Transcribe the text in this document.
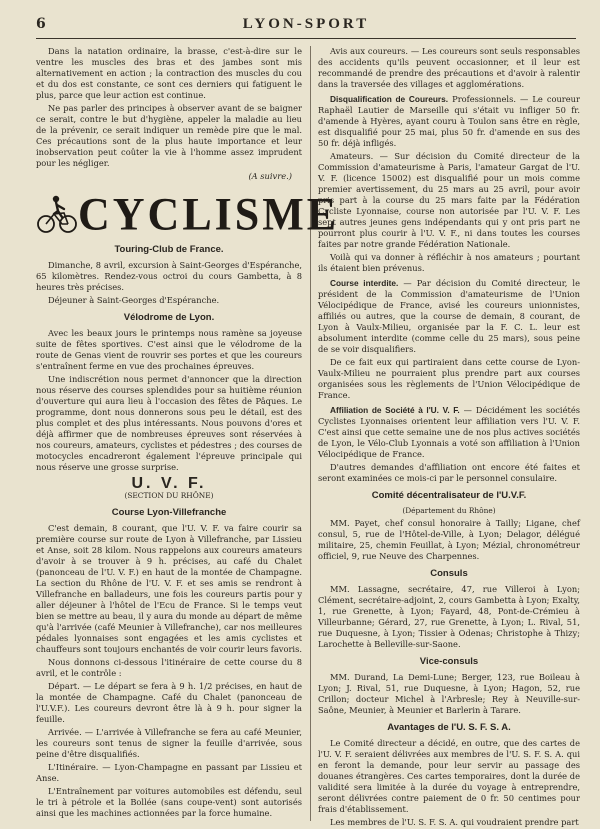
6	LYON-SPORT

Dans la natation ordinaire, la brasse, c'est-à-dire sur le ventre les muscles des bras et des jambes sont mis alternativement en action ; la contraction des muscles du cou et du dos est constante, ce sont ces derniers qui fatiguent le plus, parce que leur action est continue.

Ne pas parler des principes à observer avant de se baigner ce serait, contre le but d'hygiène, appeler la maladie au lieu de la prévenir, ce serait indiquer un remède pire que le mal. Ces précautions sont de la plus haute importance et leur inobservation peut coûter la vie à l'homme assez imprudent pour les négliger.

(A suivre.)

CYCLISME
Touring-Club de France.

Dimanche, 8 avril, excursion à Saint-Georges d'Espéranche, 65 kilomètres. Rendez-vous octroi du cours Gambetta, à 8 heures très précises.

Déjeuner à Saint-Georges d'Espéranche.

Vélodrome de Lyon.

Avec les beaux jours le printemps nous ramène sa joyeuse suite de fêtes sportives. C'est ainsi que le vélodrome de la route de Genas vient de rouvrir ses portes et que les coureurs s'entraînent ferme en vue des prochaines épreuves.

Une indiscrétion nous permet d'annoncer que la direction nous réserve des courses splendides pour sa huitième réunion d'ouverture qui aura lieu à l'occasion des fêtes de Pâques. Le programme, dont nous donnerons sous peu le détail, est des plus complet et des plus intéressants. Nous pouvons d'ores et déjà affirmer que de nombreuses épreuves sont réservées à nos coureurs, amateurs, cyclistes et pédestres ; des courses de motocycles encadreront également l'épreuve principale qui nous réserve une grosse surprise.

U. V. F.

(SECTION DU RHÔNE)

Course Lyon-Villefranche

C'est demain, 8 courant, que l'U. V. F. va faire courir sa première course sur route de Lyon à Villefranche, par Lissieu et Anse, soit 28 kilom. Nous rappelons aux coureurs amateurs d'avoir à se trouver à 9 h. précises, au café du Chalet (panonceau de l'U. V. F.) en haut de la montée de Champagne. La section du Rhône de l'U. V. F. et ses amis se rendront à Villefranche en balladeurs, une fois les coureurs partis pour y aller déjeuner à l'hôtel de l'Ecu de France. Si le temps veut bien se mettre au beau, il y aura du monde au départ de même qu'à l'arrivée (café Meunier à Villefranche), car nos meilleures pédales lyonnaises sont engagées et les amis cyclistes et chauffeurs sont toujours enchantés de voir courir leurs favoris.

Nous donnons ci-dessous l'itinéraire de cette course du 8 avril, et le contrôle :

Départ. — Le départ se fera à 9 h. 1/2 précises, en haut de la montée de Champagne. Café du Chalet (panonceau de l'U.V.F.). Les coureurs devront être là à 9 h. pour signer la feuille.

Arrivée. — L'arrivée à Villefranche se fera au café Meunier, les coureurs sont tenus de signer la feuille d'arrivée, sous peine d'être disqualifiés.

L'Itinéraire. — Lyon-Champagne en passant par Lissieu et Anse.

L'Entraînement par voitures automobiles est défendu, seul le tri à pétrole et la Bollée (sans coupe-vent) sont autorisés ainsi que les machines actionnées par la force humaine.

Avis aux coureurs. — Les coureurs sont seuls responsables des accidents qu'ils peuvent occasionner, et il leur est recommandé de prendre des précautions et d'avoir à ralentir dans la traversée des villages et agglomérations.

Disqualification de Coureurs. Professionnels. — Le coureur Raphaël Lautier de Marseille qui s'était vu infliger 50 fr. d'amende à Hyères, ayant couru à Toulon sans être en règle, est disqualifié pour 25 mai, plus 50 fr. d'amende en sus des 50 fr. déjà infligés.

Amateurs. — Sur décision du Comité directeur de la Commission d'amateurisme à Paris, l'amateur Gargat de l'U. V. F. (licence 15002) est disqualifié pour un mois comme premier avertissement, du 25 mars au 25 avril, pour avoir pris part à la course du 25 mars faite par la Fédération Cycliste Lyonnaise, course non autorisée par l'U. V. F. Les sept autres jeunes gens indépendants qui y ont pris part ne pourront plus courir à l'U. V. F., ni dans toutes les courses faites par notre grande Fédération Nationale.

Voilà qui va donner à réfléchir à nos amateurs ; pourtant ils étaient bien prévenus.

Course interdite. — Par décision du Comité directeur, le président de la Commission d'amateurisme de l'Union Vélocipédique de France, avisé les coureurs unionnistes, affiliés ou autres, que la course de demain, 8 courant, de Lyon à Vaulx-Milieu, organisée par la F. C. L. leur est absolument interdite (comme celle du 25 mars), sous peine de se voir disqualifiers.

De ce fait eux qui partiraient dans cette course de Lyon-Vaulx-Milieu ne pourraient plus prendre part aux courses organisées sous les règlements de l'Union Vélocipédique de France.

Affiliation de Société à l'U. V. F. — Décidément les sociétés Cyclistes Lyonnaises orientent leur affiliation vers l'U. V. F. C'est ainsi que cette semaine une de nos plus actives sociétés de Lyon, le Vélo-Club Lyonnais a voté son affiliation à l'Union Vélocipédique de France.

D'autres demandes d'affiliation ont encore été faites et seront examinées ce mois-ci par le personnel consulaire.

Comité décentralisateur de l'U.V.F.

(Département du Rhône)

MM. Payet, chef consul honoraire à Tailly; Ligane, chef consul, 5, rue de l'Hôtel-de-Ville, à Lyon; Delagor, délégué militaire, 25, chemin Feuillat, à Lyon; Mézial, chronométreur officiel, 9, rue Neuve des Charpennes.

Consuls

MM. Lassagne, secrétaire, 47, rue Villeroi à Lyon; Clément, secrétaire-adjoint, 2, cours Gambetta à Lyon; Exalty, 1, rue Grenette, à Lyon; Fayard, 48, Pont-de-Crémieu à Villeurbanne; Gérard, 27, rue Grenette, à Lyon; L. Rival, 51, rue Duquesne, à Lyon; Tissier à Odenas; Christophe à Thizy; Larochette à Belleville-sur-Saone.

Vice-consuls

MM. Durand, La Demi-Lune; Berger, 123, rue Boileau à Lyon; J. Rival, 51, rue Duquesne, à Lyon; Hagon, 52, rue Crillon; docteur Michel à l'Arbresle; Rey à Neuville-sur-Saône, Meunier, à Meunier et Barlerin à Tarare.

Avantages de l'U. S. F. S. A.

Le Comité directeur a décidé, en outre, que des cartes de l'U. V. F. seraient délivrées aux membres de l'U. S. F. S. A. qui en feront la demande, pour leur servir au passage des douanes étrangères. Ces cartes temporaires, dont la durée de validité sera limitée à la durée du voyage à entreprendre, seront délivrées contre paiement de 0 fr. 50 centimes pour frais d'établissement.

Les membres de l'U. S. F. S. A. qui voudraient prendre part
